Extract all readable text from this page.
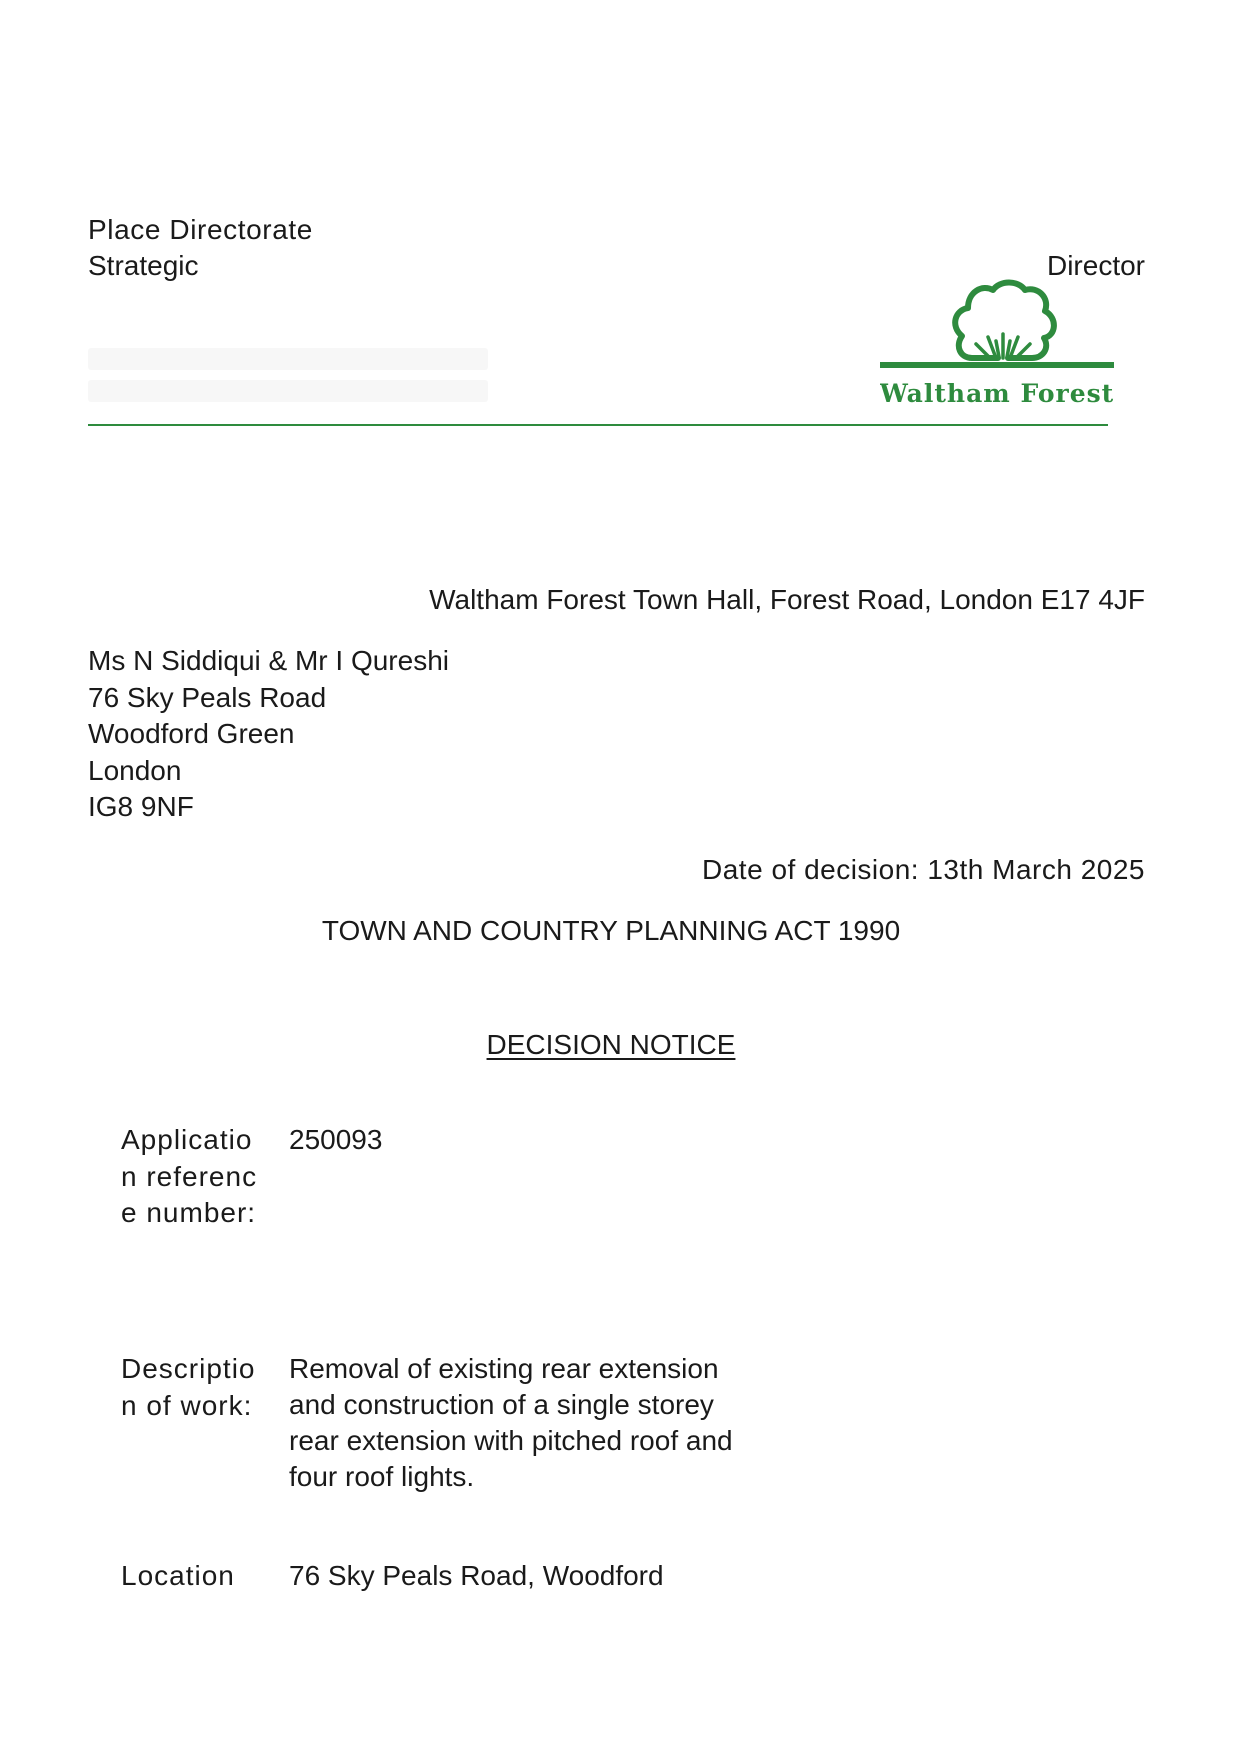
Place Directorate
Strategic	Director
Waltham Forest
Waltham Forest Town Hall, Forest Road, London E17 4JF
Ms N Siddiqui & Mr I Qureshi
76 Sky Peals Road
Woodford Green
London
IG8 9NF
Date of decision: 13th March 2025
TOWN AND COUNTRY PLANNING ACT 1990
DECISION NOTICE
Application reference number:
250093
Description of work:
Removal of existing rear extension and construction of a single storey rear extension with pitched roof and four roof lights.
Location	76 Sky Peals Road, Woodford
